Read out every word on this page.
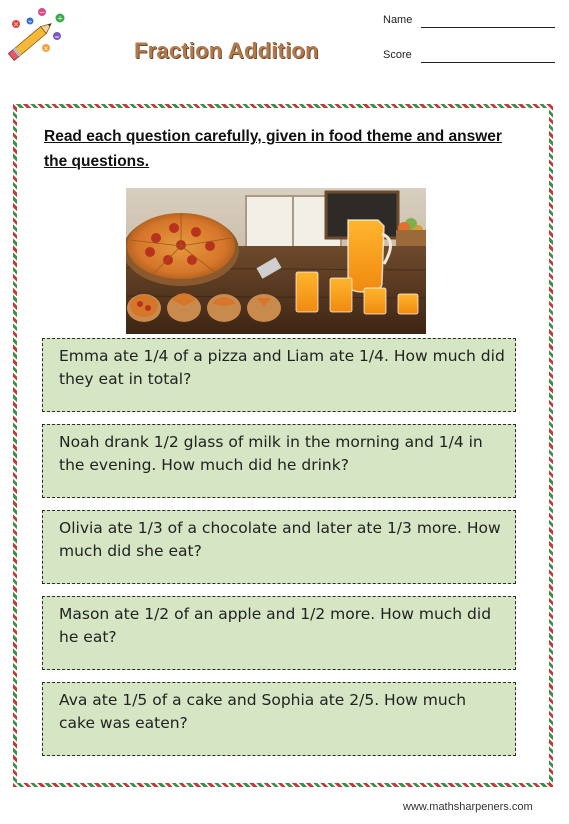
×
−
+
÷
=
×	Fraction Addition
Name
Score
Read each question carefully, given in food theme and answer the questions.
Emma ate 1/4 of a pizza and Liam ate 1/4. How much did they eat in total?
Noah drank 1/2 glass of milk in the morning and 1/4 in the evening. How much did he drink?
Olivia ate 1/3 of a chocolate and later ate 1/3 more. How much did she eat?
Mason ate 1/2 of an apple and 1/2 more. How much did he eat?
Ava ate 1/5 of a cake and Sophia ate 2/5. How much cake was eaten?
www.mathsharpeners.com
